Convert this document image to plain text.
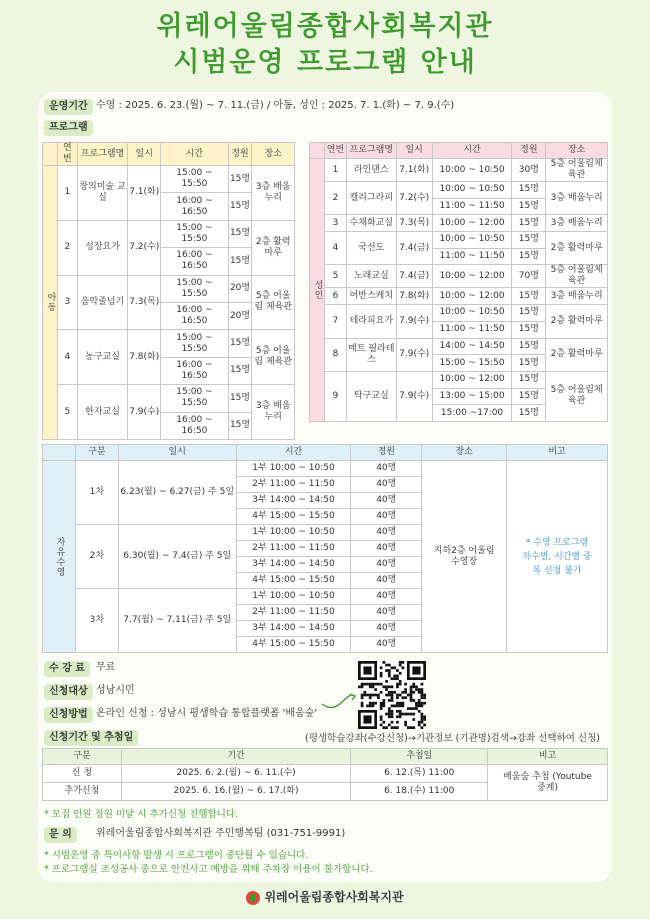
위레어울림종합사회복지관
시범운영 프로그램 안내
운영기간 수영 : 2025. 6. 23.(월) ~ 7. 11.(금) / 아동, 성인 : 2025. 7. 1.(화) ~ 7. 9.(수)
프로그램
	연번	프로그램명	일시	시간	정원	장소
아동	1	창의미술 교실	7.1(화)	15:00 ~ 15:50	15명	3층 배움누리
				16:00 ~ 16:50	15명	
	2	성장요가	7.2(수)	15:00 ~ 15:50	15명	2층 활력마루
				16:00 ~ 16:50	15명	
	3	음악줄넘기	7.3(목)	15:00 ~ 15:50	20명	5층 어울림 체육관
				16:00 ~ 16:50	20명	
	4	농구교실	7.8(화)	15:00 ~ 15:50	15명	5층 어울림 체육관
				16:00 ~ 16:50	15명	
	5	한자교실	7.9(수)	15:00 ~ 15:50	15명	3층 배움누리
				16:00 ~ 16:50	15명	
	연번	프로그램명	일시	시간	정원	장소
성인	1	라인댄스	7.1(화)	10:00 ~ 10:50	30명	5층 어울림체육관
	2	캘리그라피	7.2(수)	10:00 ~ 10:50	15명	3층 배움누리
				11:00 ~ 11:50	15명	
	3	수채화교실	7.3(목)	10:00 ~ 12:00	15명	3층 배움누리
	4	국선도	7.4(금)	10:00 ~ 10:50	15명	2층 활력마루
				11:00 ~ 11:50	15명	
	5	노래교실	7.4(금)	10:00 ~ 12:00	70명	5층 어울림체육관
	6	어반스케치	7.8(화)	10:00 ~ 12:00	15명	3층 배움누리
	7	테라피요가	7.9(수)	10:00 ~ 10:50	15명	2층 활력마루
				11:00 ~ 11:50	15명	
	8	매트 필라테스	7.9(수)	14:00 ~ 14:50	15명	2층 활력마루
				15:00 ~ 15:50	15명	
	9	탁구교실	7.9(수)	10:00 ~ 12:00	15명	5층 어울림체육관
				13:00 ~ 15:00	15명	
				15:00 ~17:00	15명	
	구분	일시	시간	정원	장소	비고
자유수영	1차	6.23(월) ~ 6.27(금) 주 5일	1부 10:00 ~ 10:50	40명	지하2층 어울림수영장	* 수영 프로그램 차수별, 시간별 중복 신청 불가
			2부 11:00 ~ 11:50	40명		
			3부 14:00 ~ 14:50	40명		
			4부 15:00 ~ 15:50	40명		
	2차	6.30(월) ~ 7.4(금) 주 5일	1부 10:00 ~ 10:50	40명		
			2부 11:00 ~ 11:50	40명		
			3부 14:00 ~ 14:50	40명		
			4부 15:00 ~ 15:50	40명		
	3차	7.7(월) ~ 7.11(금) 주 5일	1부 10:00 ~ 10:50	40명		
			2부 11:00 ~ 11:50	40명		
			3부 14:00 ~ 14:50	40명		
			4부 15:00 ~ 15:50	40명		
수 강 료	무료
신청대상 성남시민
신청방법 온라인 신청 : 성남시 평생학습 통합플랫폼 '배움숲'
신청기간 및 추첨일	(평생학습강좌(수강신청)→기관정보 (기관명)검색→강좌 선택하여 신청)
구분	기간	추첨일	비고
신 청	2025. 6. 2.(월) ~ 6. 11.(수)	6. 12.(목) 11:00	배움숲 추첨 (Youtube 중계)
추가신청	2025. 6. 16.(월) ~ 6. 17.(화)	6. 18.(수) 11:00	
* 모집 인원 정원 미달 시 추가신청 진행합니다.
문 의	위레어울림종합사회복지관 주민행복팀 (031-751-9991)
* 시범운영 중 특이사항 발생 시 프로그램이 중단될 수 있습니다.
* 프로그램실 조성공사 중으로 안전사고 예방을 위해 주차장 이용이 불가합니다.
위레어울림종합사회복지관
